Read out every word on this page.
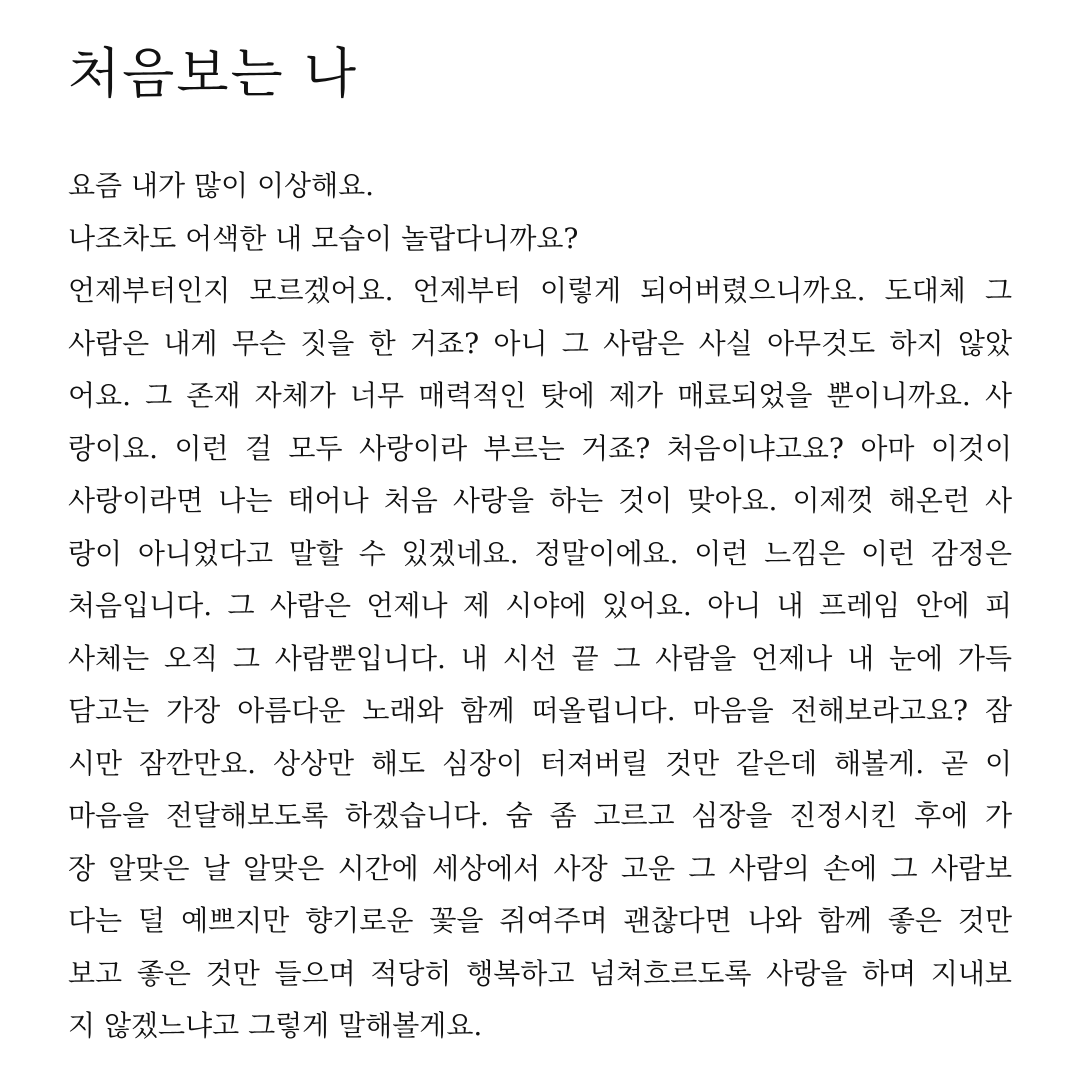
처음보는 나
요즘 내가 많이 이상해요.
나조차도 어색한 내 모습이 놀랍다니까요?
언제부터인지 모르겠어요. 언제부터 이렇게 되어버렸으니까요. 도대체 그
사람은 내게 무슨 짓을 한 거죠? 아니 그 사람은 사실 아무것도 하지 않았
어요. 그 존재 자체가 너무 매력적인 탓에 제가 매료되었을 뿐이니까요. 사
랑이요. 이런 걸 모두 사랑이라 부르는 거죠? 처음이냐고요? 아마 이것이
사랑이라면 나는 태어나 처음 사랑을 하는 것이 맞아요. 이제껏 해온런 사
랑이 아니었다고 말할 수 있겠네요. 정말이에요. 이런 느낌은 이런 감정은
처음입니다. 그 사람은 언제나 제 시야에 있어요. 아니 내 프레임 안에 피
사체는 오직 그 사람뿐입니다. 내 시선 끝 그 사람을 언제나 내 눈에 가득
담고는 가장 아름다운 노래와 함께 떠올립니다. 마음을 전해보라고요? 잠
시만 잠깐만요. 상상만 해도 심장이 터져버릴 것만 같은데 해볼게. 곧 이
마음을 전달해보도록 하겠습니다. 숨 좀 고르고 심장을 진정시킨 후에 가
장 알맞은 날 알맞은 시간에 세상에서 사장 고운 그 사람의 손에 그 사람보
다는 덜 예쁘지만 향기로운 꽃을 쥐여주며 괜찮다면 나와 함께 좋은 것만
보고 좋은 것만 들으며 적당히 행복하고 넘쳐흐르도록 사랑을 하며 지내보
지 않겠느냐고 그렇게 말해볼게요.
